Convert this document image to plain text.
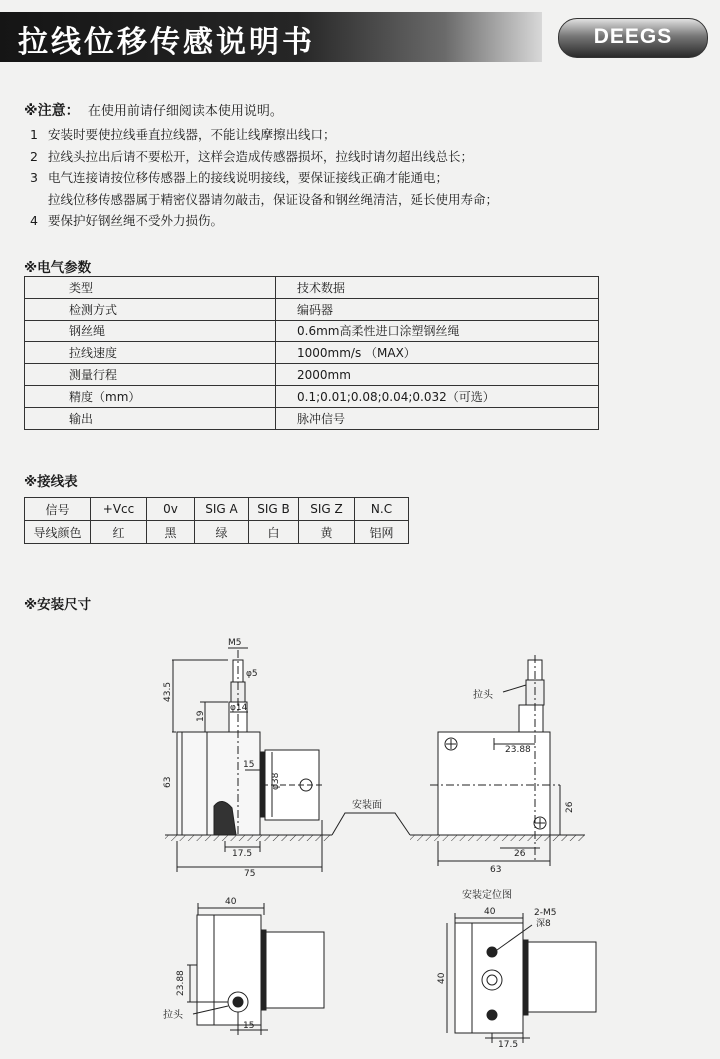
拉线位移传感说明书	DEEGS
※注意： 在使用前请仔细阅读本使用说明。
1 安装时要使拉线垂直拉线器，不能让线摩擦出线口；
2 拉线头拉出后请不要松开，这样会造成传感器损坏，拉线时请勿超出线总长；
3 电气连接请按位移传感器上的接线说明接线，要保证接线正确才能通电；
拉线位移传感器属于精密仪器请勿敲击，保证设备和钢丝绳清洁，延长使用寿命；
4 要保护好钢丝绳不受外力损伤。
※电气参数
类型	技术数据
检测方式	编码器
钢丝绳	0.6mm高柔性进口涂塑钢丝绳
拉线速度	1000mm/s （MAX）
测量行程	2000mm
精度（mm）	0.1;0.01;0.08;0.04;0.032（可选）
输出	脉冲信号
※接线表
信号	+Vcc	0v	SIG A	SIG B	SIG Z	N.C
导线颜色	红	黑	绿	白	黄	铝网
※安装尺寸
M5
φ5
43.5
19
φ14
63
15
φ38
17.5
75
安装面
拉头
23.88
26
26
63
40
23.88
拉头
15
安装定位图
40	2-M5
深8
40
17.5
